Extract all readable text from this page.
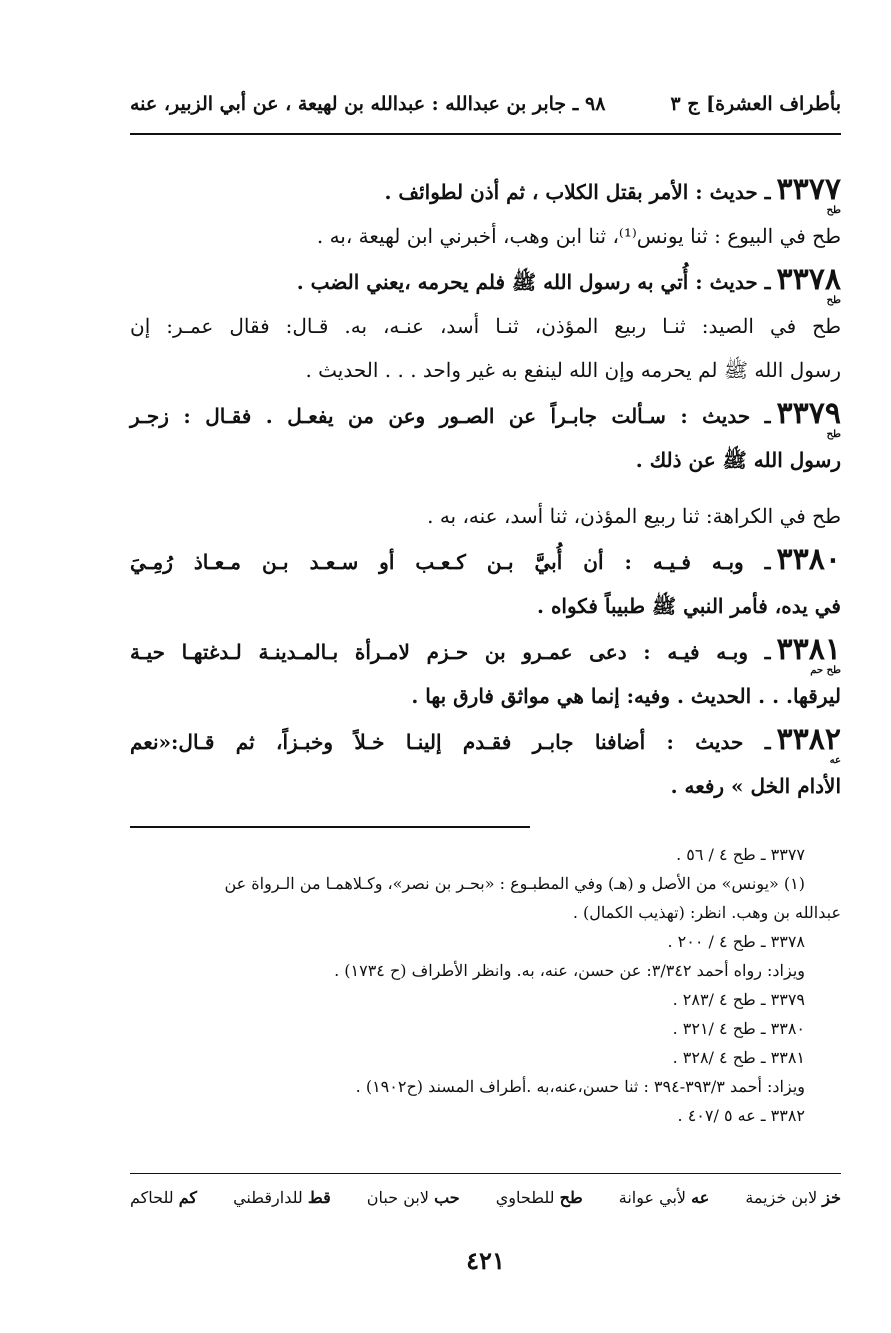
بأطراف العشرة] ج ٣
٩٨ ـ جابر بن عبدالله : عبدالله بن لهيعة ، عن أبي الزبير، عنه
٣٣٧٧ـ حديث : الأمر بقتل الكلاب ، ثم أذن لطوائف .
طح
طح في البيوع : ثنا يونس⁽¹⁾، ثنا ابن وهب، أخبرني ابن لهيعة ،به .
٣٣٧٨ـ حديث : أُتي به رسول الله ﷺ فلم يحرمه ،يعني الضب .
طح
طح في الصيد: ثنـا ربيع المؤذن، ثنـا أسد، عنـه، به. قـال: فقال عمـر: إن
رسول الله ﷺ لم يحرمه وإن الله لينفع به غير واحد . . . الحديث .
٣٣٧٩ـ حديث : سـألت جابـراً عن الصـور وعن من يفعـل . فقـال : زجـر
طح
رسول الله ﷺ عن ذلك .
طح في الكراهة: ثنا ربيع المؤذن، ثنا أسد، عنه، به .
٣٣٨٠ـ وبـه فـيـه : أن أُبيَّ بـن كـعـب أو سـعـد بـن مـعـاذ رُمِـيَ
في يده، فأمر النبي ﷺ طبيباً فكواه .
٣٣٨١ـ وبـه فيـه : دعى عمـرو بن حـزم لامـرأة بـالمـدينـة لـدغتهـا حيـة
طح حم
ليرقها. . . الحديث . وفيه: إنما هي مواثق فارق بها .
٣٣٨٢ـ حديث : أضافنا جابـر فقـدم إلينـا خـلاً وخبـزاً، ثم قـال:«نعم
عه
الأدام الخل » رفعه .
٣٣٧٧ ـ طح ٤ / ٥٦ .
(١) «يونس» من الأصل و (هـ) وفي المطبـوع : «بحـر بن نصر»، وكـلاهمـا من الـرواة عن
عبدالله بن وهب. انظر: (تهذيب الكمال) .
٣٣٧٨ ـ طح ٤ / ٢٠٠ .
ويزاد: رواه أحمد ٣/٣٤٢: عن حسن، عنه، به. وانظر الأطراف (ح ١٧٣٤) .
٣٣٧٩ ـ طح ٤ /٢٨٣ .
٣٣٨٠ ـ طح ٤ /٣٢١ .
٣٣٨١ ـ طح ٤ /٣٢٨ .
ويزاد: أحمد ٣٩٣/٣-٣٩٤ : ثنا حسن،عنه،به .أطراف المسند (ح١٩٠٢) .
٣٣٨٢ ـ عه ٥ /٤٠٧ .
خز لابن خزيمة
عه لأبي عوانة
طح للطحاوي
حب لابن حبان
قط للدارقطني
كم للحاكم
٤٢١
